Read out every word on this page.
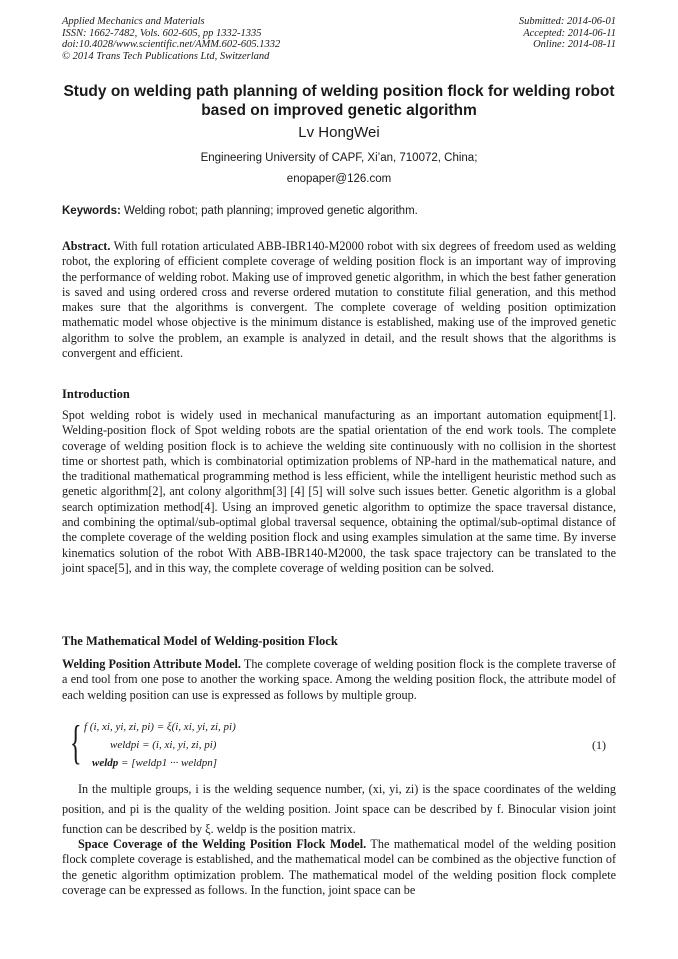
Applied Mechanics and Materials
ISSN: 1662-7482, Vols. 602-605, pp 1332-1335
doi:10.4028/www.scientific.net/AMM.602-605.1332
© 2014 Trans Tech Publications Ltd, Switzerland
Submitted: 2014-06-01
Accepted: 2014-06-11
Online: 2014-08-11
Study on welding path planning of welding position flock for welding robot based on improved genetic algorithm
Lv HongWei
Engineering University of CAPF, Xi’an, 710072, China;
enopaper@126.com
Keywords: Welding robot; path planning; improved genetic algorithm.

Abstract. With full rotation articulated ABB-IBR140-M2000 robot with six degrees of freedom used as welding robot, the exploring of efficient complete coverage of welding position flock is an important way of improving the performance of welding robot. Making use of improved genetic algorithm, in which the best father generation is saved and using ordered cross and reverse ordered mutation to constitute filial generation, and this method makes sure that the algorithms is convergent. The complete coverage of welding position optimization mathematic model whose objective is the minimum distance is established, making use of the improved genetic algorithm to solve the problem, an example is analyzed in detail, and the result shows that the algorithms is convergent and efficient.

Introduction

Spot welding robot is widely used in mechanical manufacturing as an important automation equipment[1]. Welding-position flock of Spot welding robots are the spatial orientation of the end work tools. The complete coverage of welding position flock is to achieve the welding site continuously with no collision in the shortest time or shortest path, which is combinatorial optimization problems of NP-hard in the mathematical nature, and the traditional mathematical programming method is less efficient, while the intelligent heuristic method such as genetic algorithm[2], ant colony algorithm[3] [4] [5] will solve such issues better. Genetic algorithm is a global search optimization method[4]. Using an improved genetic algorithm to optimize the space traversal distance, and combining the optimal/sub-optimal global traversal sequence, obtaining the optimal/sub-optimal distance of the complete coverage of the welding position flock and using examples simulation at the same time. By inverse kinematics solution of the robot With ABB-IBR140-M2000, the task space trajectory can be translated to the joint space[5], and in this way, the complete coverage of welding position can be solved.

The Mathematical Model of Welding-position Flock

Welding Position Attribute Model. The complete coverage of welding position flock is the complete traverse of a end tool from one pose to another the working space. Among the welding position flock, the attribute model of each welding position can use is expressed as follows by multiple group.

{ f (i, xi, yi, zi, pi) = ξ(i, xi, yi, zi, pi)
weldpi = (i, xi, yi, zi, pi)
weldp = [weldp1 ··· weldpn]
(1)

In the multiple groups, i is the welding sequence number, (xi, yi, zi) is the space coordinates of the welding position, and pi is the quality of the welding position. Joint space can be described by f. Binocular vision joint function can be described by ξ. weldp is the position matrix.

Space Coverage of the Welding Position Flock Model. The mathematical model of the welding position flock complete coverage is established, and the mathematical model can be combined as the objective function of the genetic algorithm optimization problem. The mathematical model of the welding position flock complete coverage can be expressed as follows. In the function, joint space can be
